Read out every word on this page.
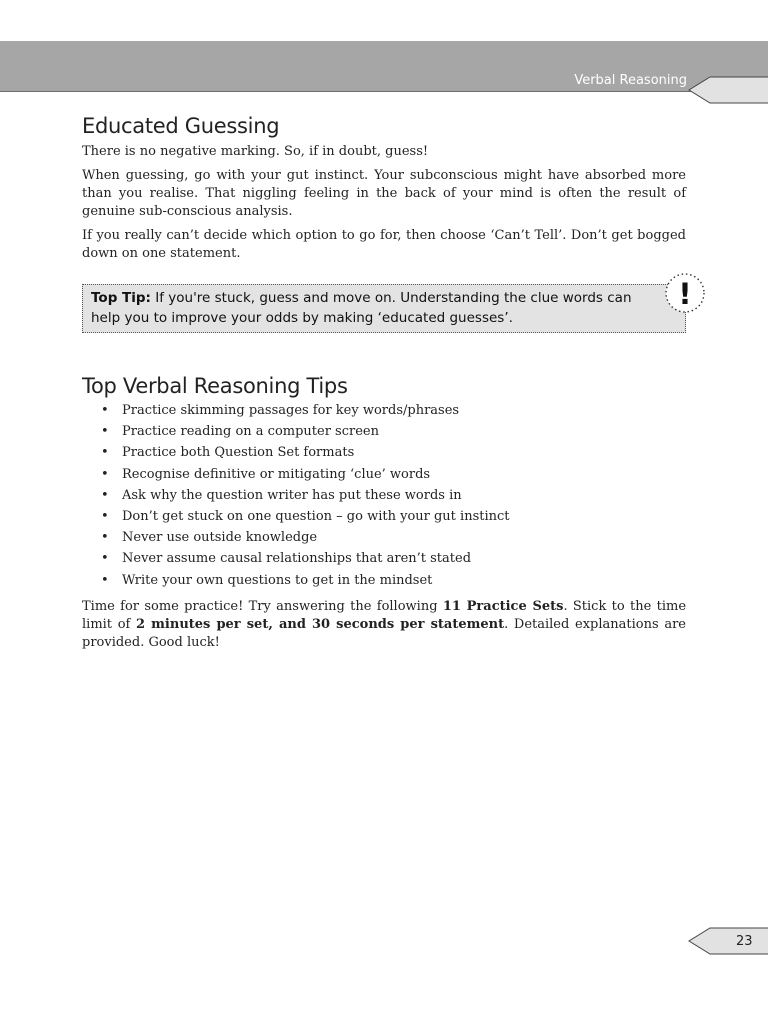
Verbal Reasoning
Educated Guessing

There is no negative marking. So, if in doubt, guess!

When guessing, go with your gut instinct. Your subconscious might have absorbed more than you realise. That niggling feeling in the back of your mind is often the result of genuine sub-conscious analysis.

If you really can’t decide which option to go for, then choose ‘Can’t Tell’. Don’t get bogged down on one statement.

Top Tip: If you're stuck, guess and move on. Understanding the clue words can help you to improve your odds by making ‘educated guesses’.
Top Verbal Reasoning Tips
• Practice skimming passages for key words/phrases
• Practice reading on a computer screen
• Practice both Question Set formats
• Recognise definitive or mitigating ‘clue’ words
• Ask why the question writer has put these words in
• Don’t get stuck on one question – go with your gut instinct
• Never use outside knowledge
• Never assume causal relationships that aren’t stated
• Write your own questions to get in the mindset

Time for some practice! Try answering the following 11 Practice Sets. Stick to the time limit of 2 minutes per set, and 30 seconds per statement. Detailed explanations are provided. Good luck!

!
23
